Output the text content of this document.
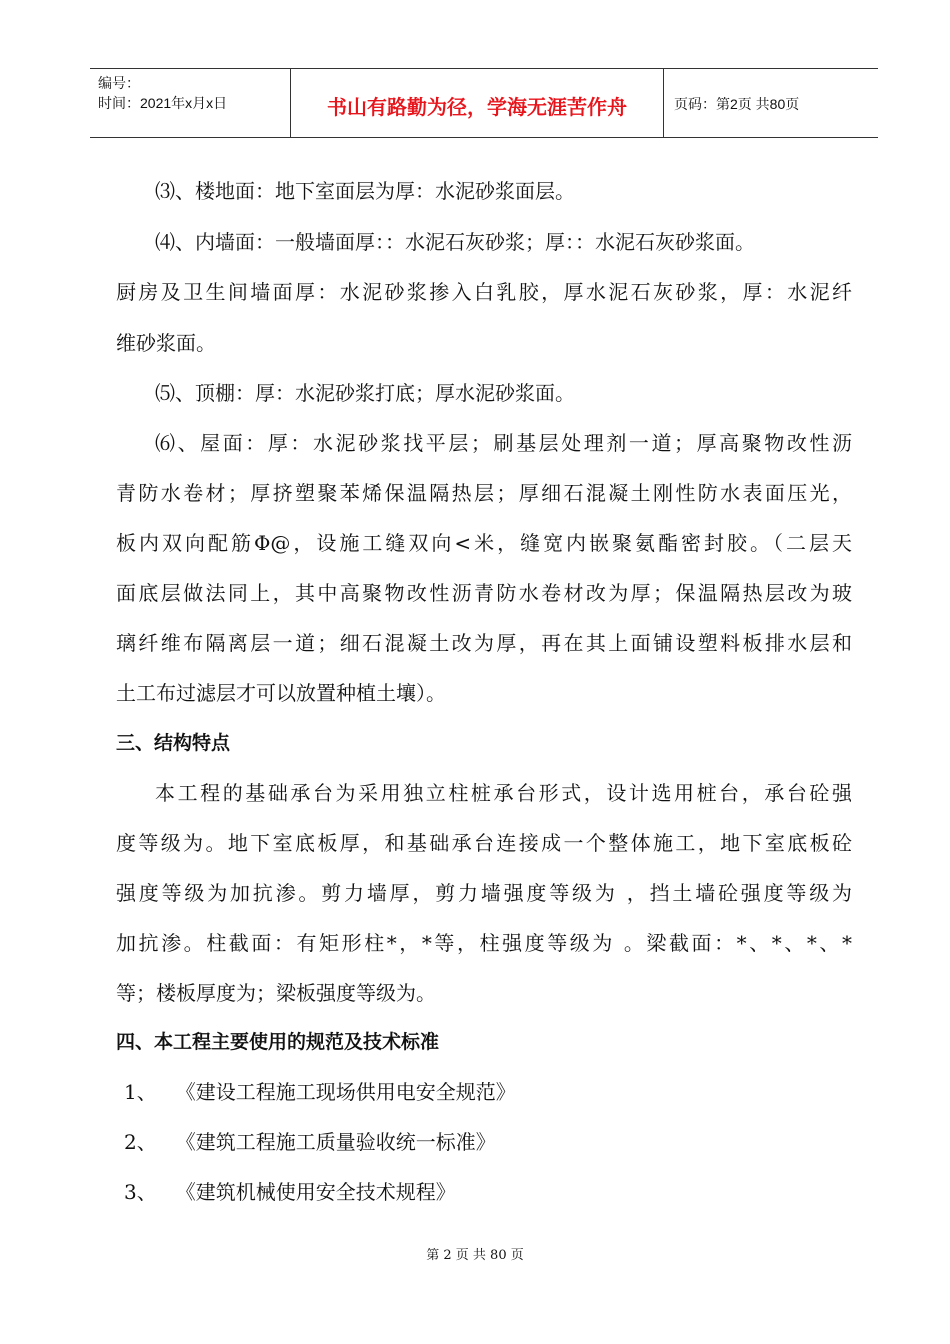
编号：
时间：2021年x月x日	书山有路勤为径，学海无涯苦作舟	页码：第2页 共80页
⑶、楼地面：地下室面层为厚：水泥砂浆面层。
⑷、内墙面：一般墙面厚：：水泥石灰砂浆；厚：：水泥石灰砂浆面。
厨房及卫生间墙面厚：水泥砂浆掺入白乳胶，厚水泥石灰砂浆，厚：水泥纤
维砂浆面。
⑸、顶棚：厚：水泥砂浆打底；厚水泥砂浆面。
⑹、屋面：厚：水泥砂浆找平层；刷基层处理剂一道；厚高聚物改性沥
青防水卷材；厚挤塑聚苯烯保温隔热层；厚细石混凝土刚性防水表面压光，
板内双向配筋Φ@，设施工缝双向<米，缝宽内嵌聚氨酯密封胶。（二层天
面底层做法同上，其中高聚物改性沥青防水卷材改为厚；保温隔热层改为玻
璃纤维布隔离层一道；细石混凝土改为厚，再在其上面铺设塑料板排水层和
土工布过滤层才可以放置种植土壤）。
三、结构特点
本工程的基础承台为采用独立柱桩承台形式，设计选用桩台，承台砼强
度等级为。地下室底板厚，和基础承台连接成一个整体施工，地下室底板砼
强度等级为加抗渗。剪力墙厚，剪力墙强度等级为 ，挡土墙砼强度等级为
加抗渗。柱截面：有矩形柱*，*等，柱强度等级为 。梁截面：*、*、*、*
等；楼板厚度为；梁板强度等级为。
四、本工程主要使用的规范及技术标准
1、   《建设工程施工现场供用电安全规范》
2、   《建筑工程施工质量验收统一标准》
3、   《建筑机械使用安全技术规程》
第 2 页 共 80 页
